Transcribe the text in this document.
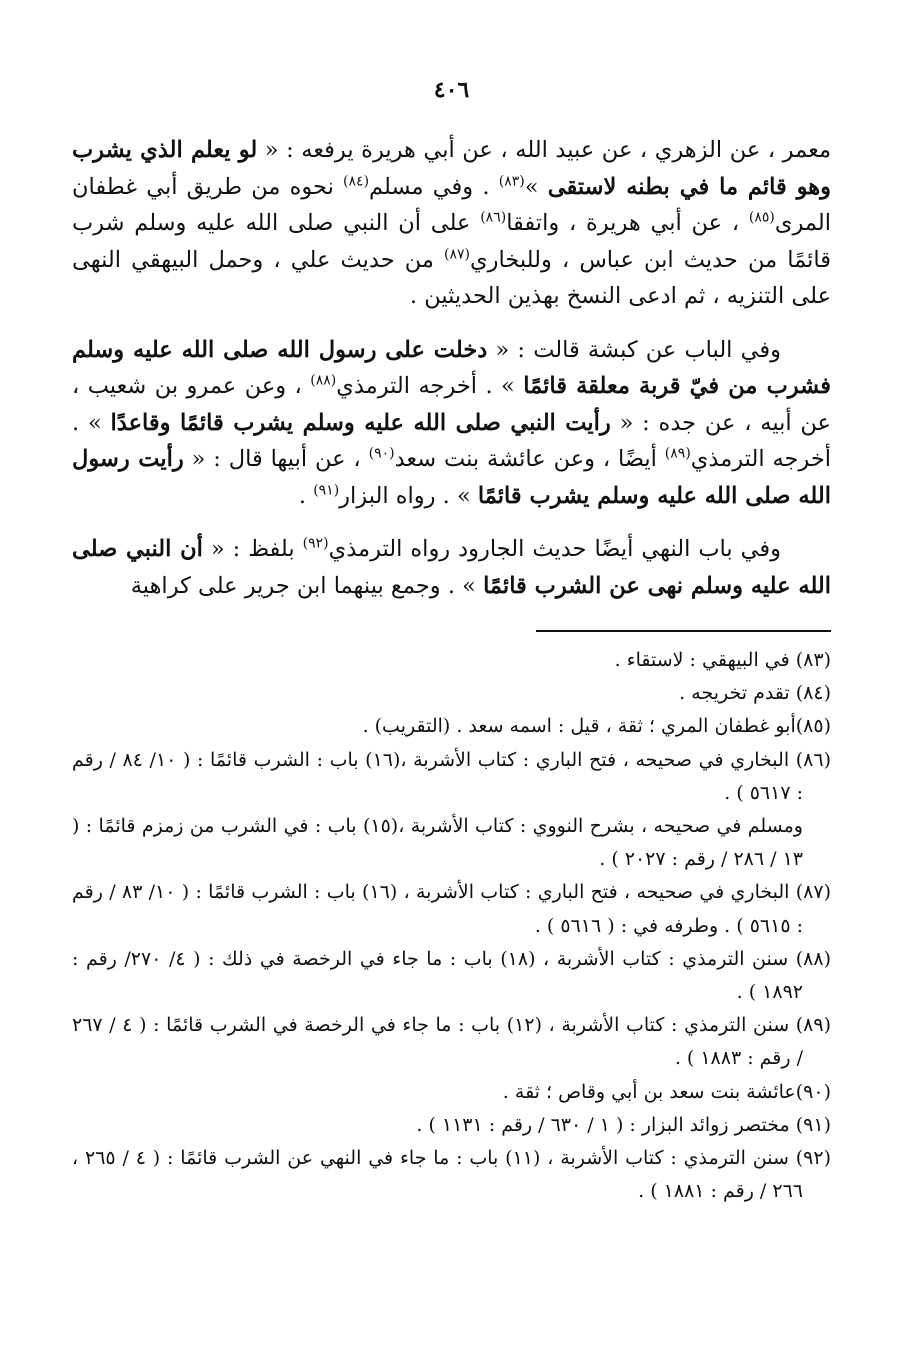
٤٠٦

معمر ، عن الزهري ، عن عبيد الله ، عن أبي هريرة يرفعه : « لو يعلم الذي يشرب وهو قائم ما في بطنه لاستقى »$^{(٨٣)}$ . وفي مسلم$^{(٨٤)}$ نحوه من طريق أبي غطفان المرى$^{(٨٥)}$ ، عن أبي هريرة ، واتفقا$^{(٨٦)}$ على أن النبي صلى الله عليه وسلم شرب قائمًا من حديث ابن عباس ، وللبخاري$^{(٨٧)}$ من حديث علي ، وحمل البيهقي النهى على التنزيه ، ثم ادعى النسخ بهذين الحديثين .

وفي الباب عن كبشة قالت : « دخلت على رسول الله صلى الله عليه وسلم فشرب من فيّ قربة معلقة قائمًا » . أخرجه الترمذي$^{(٨٨)}$ ، وعن عمرو بن شعيب ، عن أبيه ، عن جده : « رأيت النبي صلى الله عليه وسلم يشرب قائمًا وقاعدًا » . أخرجه الترمذي$^{(٨٩)}$ أيضًا ، وعن عائشة بنت سعد$^{(٩٠)}$ ، عن أبيها قال : « رأيت رسول الله صلى الله عليه وسلم يشرب قائمًا » . رواه البزار$^{(٩١)}$ .

وفي باب النهي أيضًا حديث الجارود رواه الترمذي$^{(٩٢)}$ بلفظ : « أن النبي صلى الله عليه وسلم نهى عن الشرب قائمًا » . وجمع بينهما ابن جرير على كراهية

(٨٣) في البيهقي : لاستقاء .
(٨٤) تقدم تخريجه .
(٨٥)أبو غطفان المري ؛ ثقة ، قيل : اسمه سعد . (التقريب) .
(٨٦) البخاري في صحيحه ، فتح الباري : كتاب الأشربة ،(١٦) باب : الشرب قائمًا : ( ١٠/ ٨٤ / رقم : ٥٦١٧ ) .
ومسلم في صحيحه ، بشرح النووي : كتاب الأشربة ،(١٥) باب : في الشرب من زمزم قائمًا : ( ١٣ / ٢٨٦ / رقم : ٢٠٢٧ ) .
(٨٧) البخاري في صحيحه ، فتح الباري : كتاب الأشربة ، (١٦) باب : الشرب قائمًا : ( ١٠/ ٨٣ / رقم : ٥٦١٥ ) . وطرفه في : ( ٥٦١٦ ) .
(٨٨) سنن الترمذي : كتاب الأشربة ، (١٨) باب : ما جاء في الرخصة في ذلك : ( ٤/ ٢٧٠/ رقم : ١٨٩٢ ) .
(٨٩) سنن الترمذي : كتاب الأشربة ، (١٢) باب : ما جاء في الرخصة في الشرب قائمًا : ( ٤ / ٢٦٧ / رقم : ١٨٨٣ ) .
(٩٠)عائشة بنت سعد بن أبي وقاص ؛ ثقة .
(٩١) مختصر زوائد البزار : ( ١ / ٦٣٠ / رقم : ١١٣١ ) .
(٩٢) سنن الترمذي : كتاب الأشربة ، (١١) باب : ما جاء في النهي عن الشرب قائمًا : ( ٤ / ٢٦٥ ، ٢٦٦ / رقم : ١٨٨١ ) .
